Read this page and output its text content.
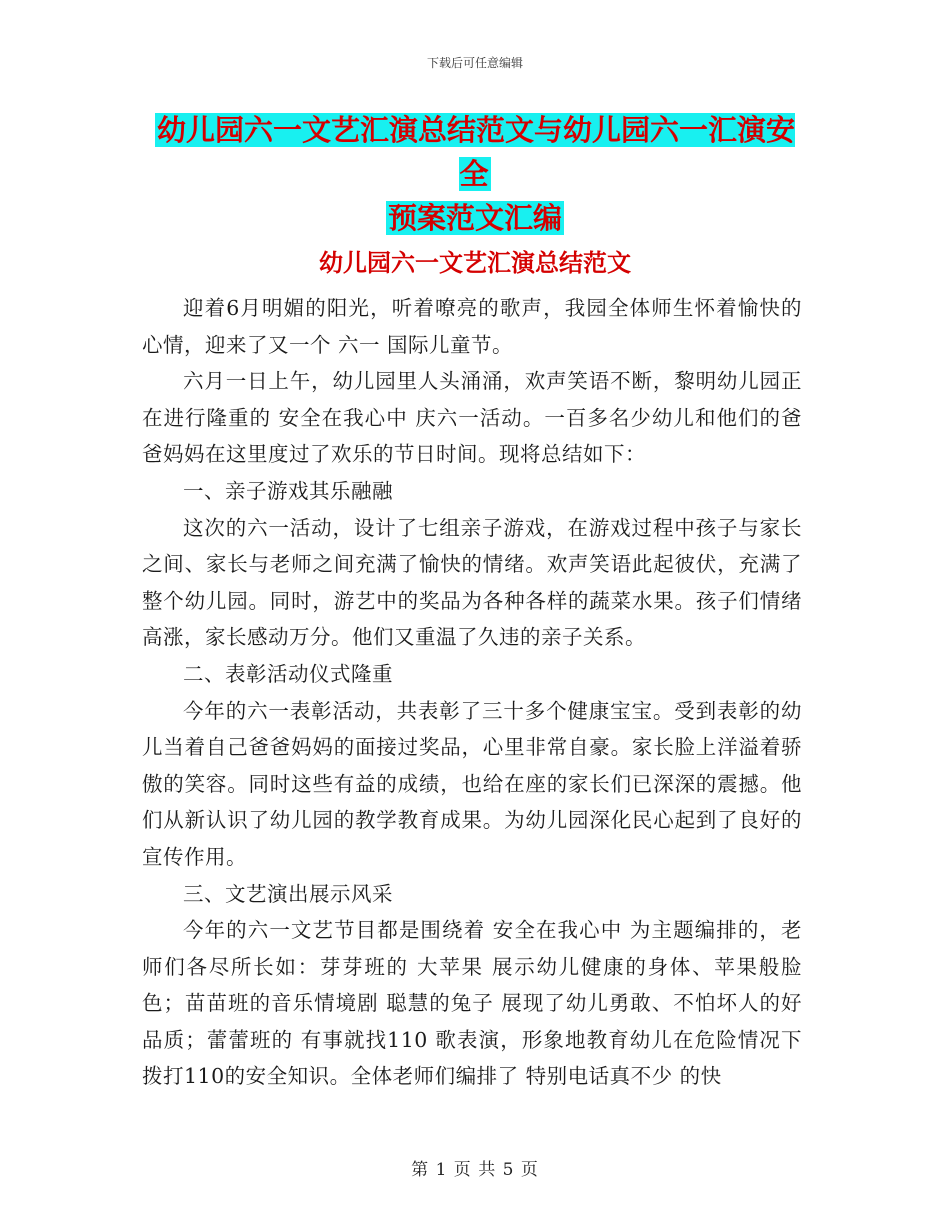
下载后可任意编辑
幼儿园六一文艺汇演总结范文与幼儿园六一汇演安全
预案范文汇编
幼儿园六一文艺汇演总结范文

迎着6月明媚的阳光，听着嘹亮的歌声，我园全体师生怀着愉快的心情，迎来了又一个 六一 国际儿童节。

六月一日上午，幼儿园里人头涌涌，欢声笑语不断，黎明幼儿园正在进行隆重的 安全在我心中 庆六一活动。一百多名少幼儿和他们的爸爸妈妈在这里度过了欢乐的节日时间。现将总结如下：

一、亲子游戏其乐融融

这次的六一活动，设计了七组亲子游戏，在游戏过程中孩子与家长之间、家长与老师之间充满了愉快的情绪。欢声笑语此起彼伏，充满了整个幼儿园。同时，游艺中的奖品为各种各样的蔬菜水果。孩子们情绪高涨，家长感动万分。他们又重温了久违的亲子关系。

二、表彰活动仪式隆重

今年的六一表彰活动，共表彰了三十多个健康宝宝。受到表彰的幼儿当着自己爸爸妈妈的面接过奖品，心里非常自豪。家长脸上洋溢着骄傲的笑容。同时这些有益的成绩，也给在座的家长们已深深的震撼。他们从新认识了幼儿园的教学教育成果。为幼儿园深化民心起到了良好的宣传作用。

三、文艺演出展示风采

今年的六一文艺节目都是围绕着 安全在我心中 为主题编排的，老师们各尽所长如：芽芽班的 大苹果 展示幼儿健康的身体、苹果般脸色；苗苗班的音乐情境剧 聪慧的兔子 展现了幼儿勇敢、不怕坏人的好品质；蕾蕾班的 有事就找110 歌表演，形象地教育幼儿在危险情况下拨打110的安全知识。全体老师们编排了 特别电话真不少 的快

第 1 页 共 5 页
